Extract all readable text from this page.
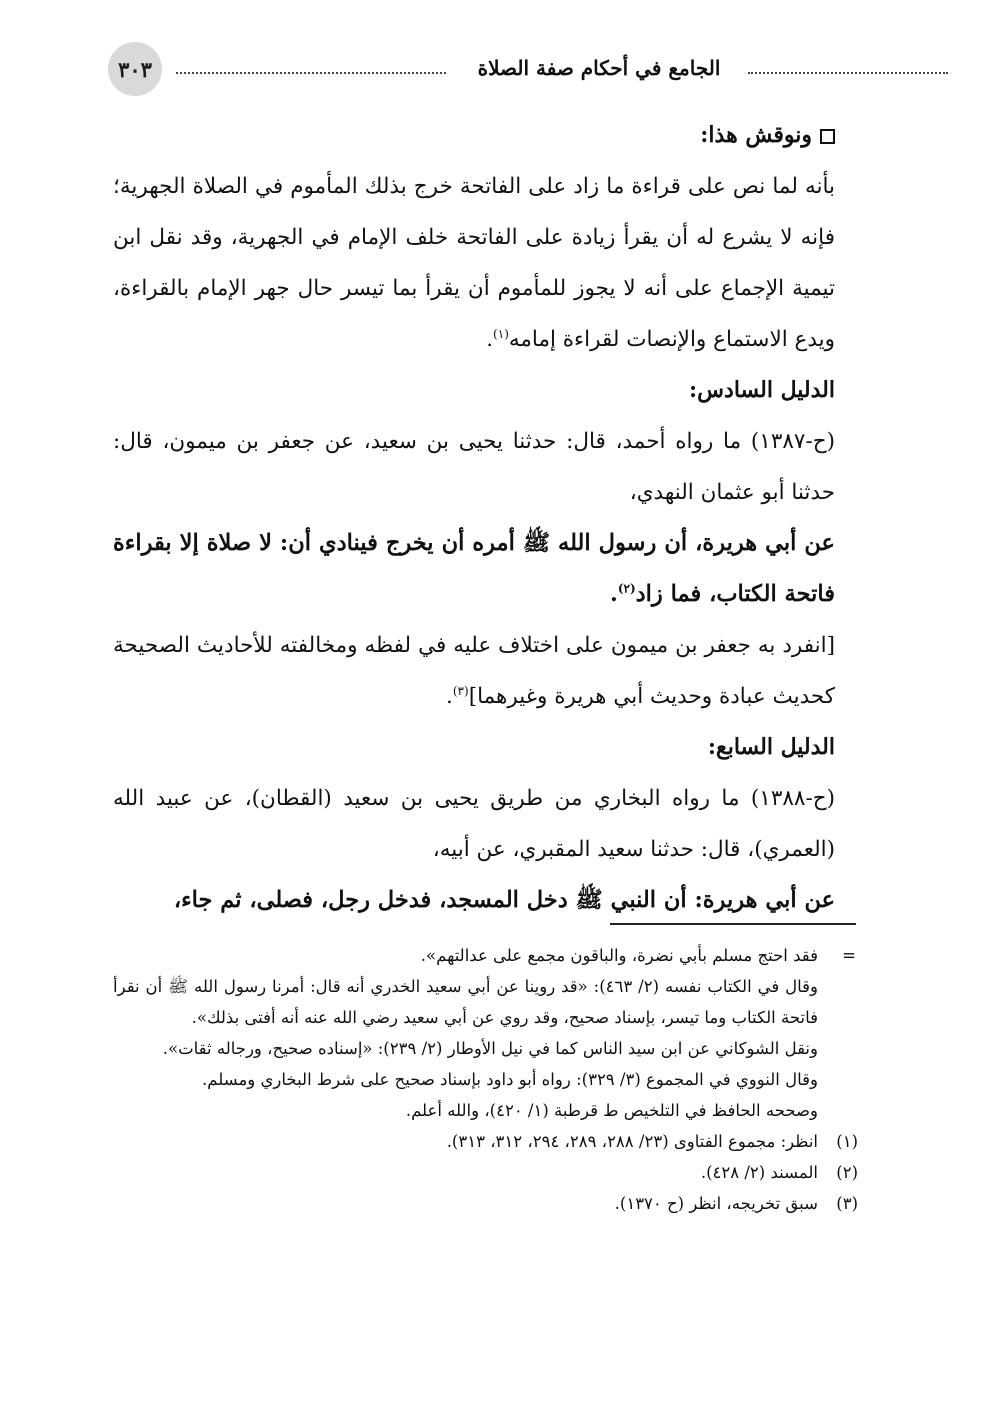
٣٠٣	الجامع في أحكام صفة الصلاة

ونوقش هذا:

بأنه لما نص على قراءة ما زاد على الفاتحة خرج بذلك المأموم في الصلاة الجهرية؛ فإنه لا يشرع له أن يقرأ زيادة على الفاتحة خلف الإمام في الجهرية، وقد نقل ابن تيمية الإجماع على أنه لا يجوز للمأموم أن يقرأ بما تيسر حال جهر الإمام بالقراءة، ويدع الاستماع والإنصات لقراءة إمامه$^{(١)}$.

الدليل السادس:

(ح-١٣٨٧) ما رواه أحمد، قال: حدثنا يحيى بن سعيد، عن جعفر بن ميمون، قال: حدثنا أبو عثمان النهدي،

عن أبي هريرة، أن رسول الله ﷺ أمره أن يخرج فينادي أن: لا صلاة إلا بقراءة فاتحة الكتاب، فما زاد$^{(٢)}$.

[انفرد به جعفر بن ميمون على اختلاف عليه في لفظه ومخالفته للأحاديث الصحيحة كحديث عبادة وحديث أبي هريرة وغيرهما]$^{(٣)}$.

الدليل السابع:

(ح-١٣٨٨) ما رواه البخاري من طريق يحيى بن سعيد (القطان)، عن عبيد الله (العمري)، قال: حدثنا سعيد المقبري، عن أبيه،

عن أبي هريرة: أن النبي ﷺ دخل المسجد، فدخل رجل، فصلى، ثم جاء،

=

فقد احتج مسلم بأبي نضرة، والباقون مجمع على عدالتهم».

وقال في الكتاب نفسه (٢/ ٤٦٣): «قد روينا عن أبي سعيد الخدري أنه قال: أمرنا رسول الله ﷺ أن نقرأ فاتحة الكتاب وما تيسر، بإسناد صحيح، وقد روي عن أبي سعيد رضي الله عنه أنه أفتى بذلك».

ونقل الشوكاني عن ابن سيد الناس كما في نيل الأوطار (٢/ ٢٣٩): «إسناده صحيح، ورجاله ثقات».

وقال النووي في المجموع (٣/ ٣٢٩): رواه أبو داود بإسناد صحيح على شرط البخاري ومسلم.

وصححه الحافظ في التلخيص ط قرطبة (١/ ٤٢٠)، والله أعلم.

(١)
انظر: مجموع الفتاوى (٢٣/ ٢٨٨، ٢٨٩، ٢٩٤، ٣١٢، ٣١٣).
(٢)
المسند (٢/ ٤٢٨).
(٣)
سبق تخريجه، انظر (ح ١٣٧٠).
